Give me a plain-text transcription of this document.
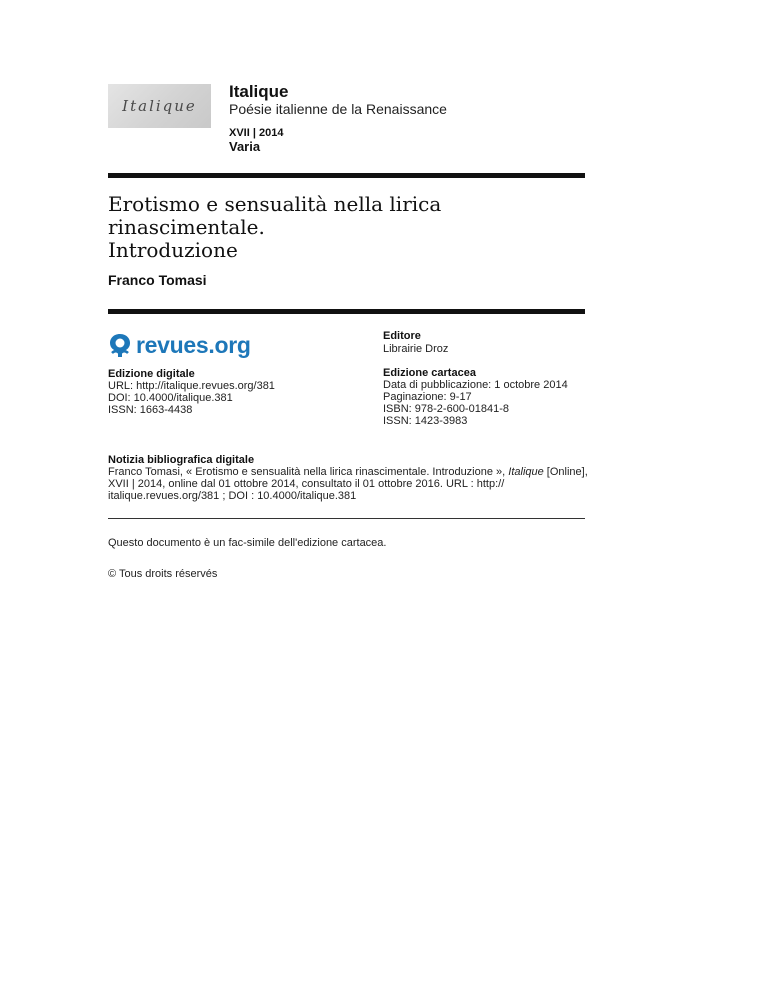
Italique
Italique
Poésie italienne de la Renaissance
XVII | 2014
Varia
Erotismo e sensualità nella lirica rinascimentale.
Introduzione
Franco Tomasi
revues.org	Editore
Librairie Droz
Edizione digitale
URL: http://italique.revues.org/381
DOI: 10.4000/italique.381
ISSN: 1663-4438
Edizione cartacea
Data di pubblicazione: 1 octobre 2014
Paginazione: 9-17
ISBN: 978-2-600-01841-8
ISSN: 1423-3983
Notizia bibliografica digitale
Franco Tomasi, « Erotismo e sensualità nella lirica rinascimentale. Introduzione », Italique [Online],
XVII | 2014, online dal 01 ottobre 2014, consultato il 01 ottobre 2016. URL : http://
italique.revues.org/381 ; DOI : 10.4000/italique.381
Questo documento è un fac-simile dell'edizione cartacea.
© Tous droits réservés
